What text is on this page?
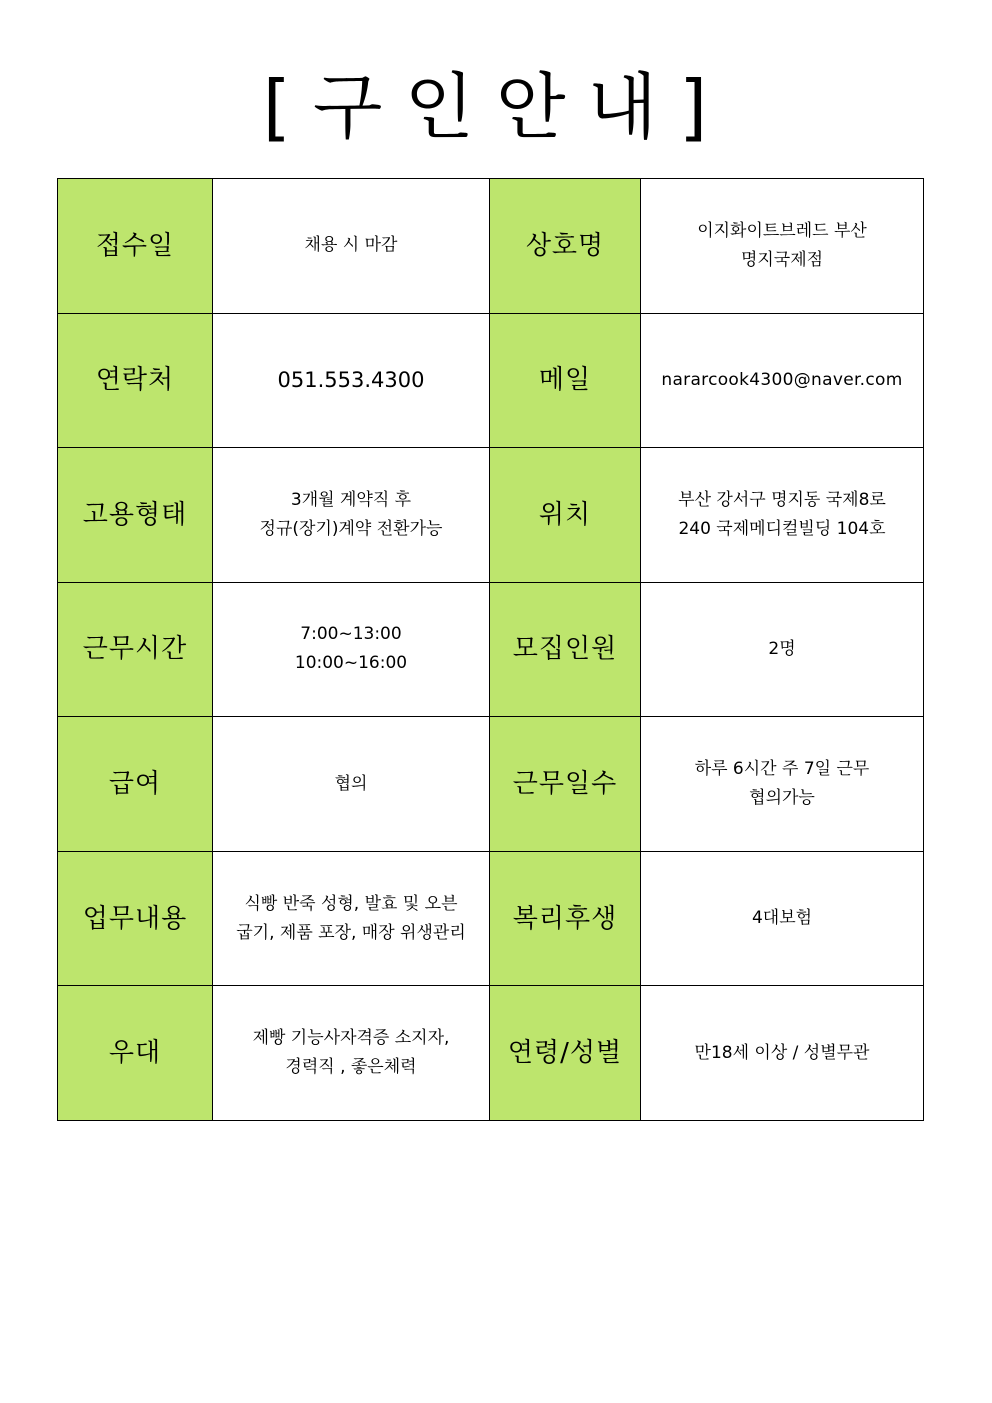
[구인안내]
접수일	채용 시 마감	상호명	이지화이트브레드 부산
명지국제점

연락처	051.553.4300	메일	nararcook4300@naver.com

고용형태	3개월 계약직 후
정규(장기)계약 전환가능	위치	부산 강서구 명지동 국제8로
240 국제메디컬빌딩 104호

근무시간	7:00~13:00
10:00~16:00	모집인원	2명

급여	협의	근무일수	하루 6시간 주 7일 근무
협의가능

업무내용	식빵 반죽 성형, 발효 및 오븐
굽기, 제품 포장, 매장 위생관리	복리후생	4대보험

우대	제빵 기능사자격증 소지자,
경력직 , 좋은체력	연령/성별	만18세 이상 / 성별무관
